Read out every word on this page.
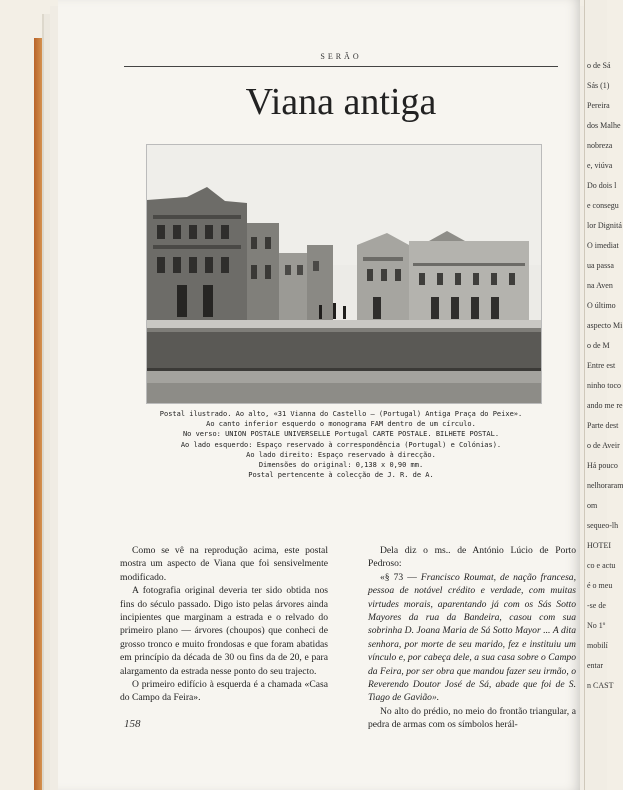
SERÃO
Viana antiga
Postal ilustrado. Ao alto, «31 Vianna do Castello — (Portugal) Antiga Praça do Peixe».
Ao canto inferior esquerdo o monograma FAM dentro de um círculo.
No verso: UNION POSTALE UNIVERSELLE Portugal CARTE POSTALE. BILHETE POSTAL.
Ao lado esquerdo: Espaço reservado à correspondência (Portugal) e Colónias).
Ao lado direito: Espaço reservado à direcção.
Dimensões do original: 0,138 x 0,90 mm.
Postal pertencente à colecção de J. R. de A.

Como se vê na reprodução acima, este postal mostra um aspecto de Viana que foi sensivelmente modificado.

A fotografia original deveria ter sido obtida nos fins do século passado. Digo isto pelas árvores ainda incipientes que marginam a estrada e o relvado do primeiro plano — árvores (choupos) que conheci de grosso tronco e muito frondosas e que foram abatidas em princípio da década de 30 ou fins da de 20, e para alargamento da estrada nesse ponto do seu trajecto.

O primeiro edifício à esquerda é a chamada «Casa do Campo da Feira».

Dela diz o ms.. de António Lúcio de Porto Pedroso:

«§ 73 — Francisco Roumat, de nação francesa, pessoa de notável crédito e verdade, com muitas virtudes morais, aparentando já com os Sás Sotto Mayores da rua da Bandeira, casou com sua sobrinha D. Joana Maria de Sá Sotto Mayor ... A dita senhora, por morte de seu marido, fez e instituiu um vínculo e, por cabeça dele, a sua casa sobre o Campo da Feira, por ser obra que mandou fazer seu irmão, o Reverendo Doutor José de Sá, abade que foi de S. Tiago de Gavião».

No alto do prédio, no meio do frontão triangular, a pedra de armas com os símbolos herál-

158
o de Sá
Sás (1)
Pereira
dos Malhe
nobreza
e, viúva
Do dois l
e consegu
lor Dignitá
O imediat
ua passa
na Aven
O último
aspecto Mi
o de M
Entre est
ninho toco
ando me re
Parte dest
o de Aveir
Há pouco
nelhoraram
om
sequeo-lh
HOTEI
co e actu
é o meu
-se de
No 1º
mobilí
entar
n CAST
